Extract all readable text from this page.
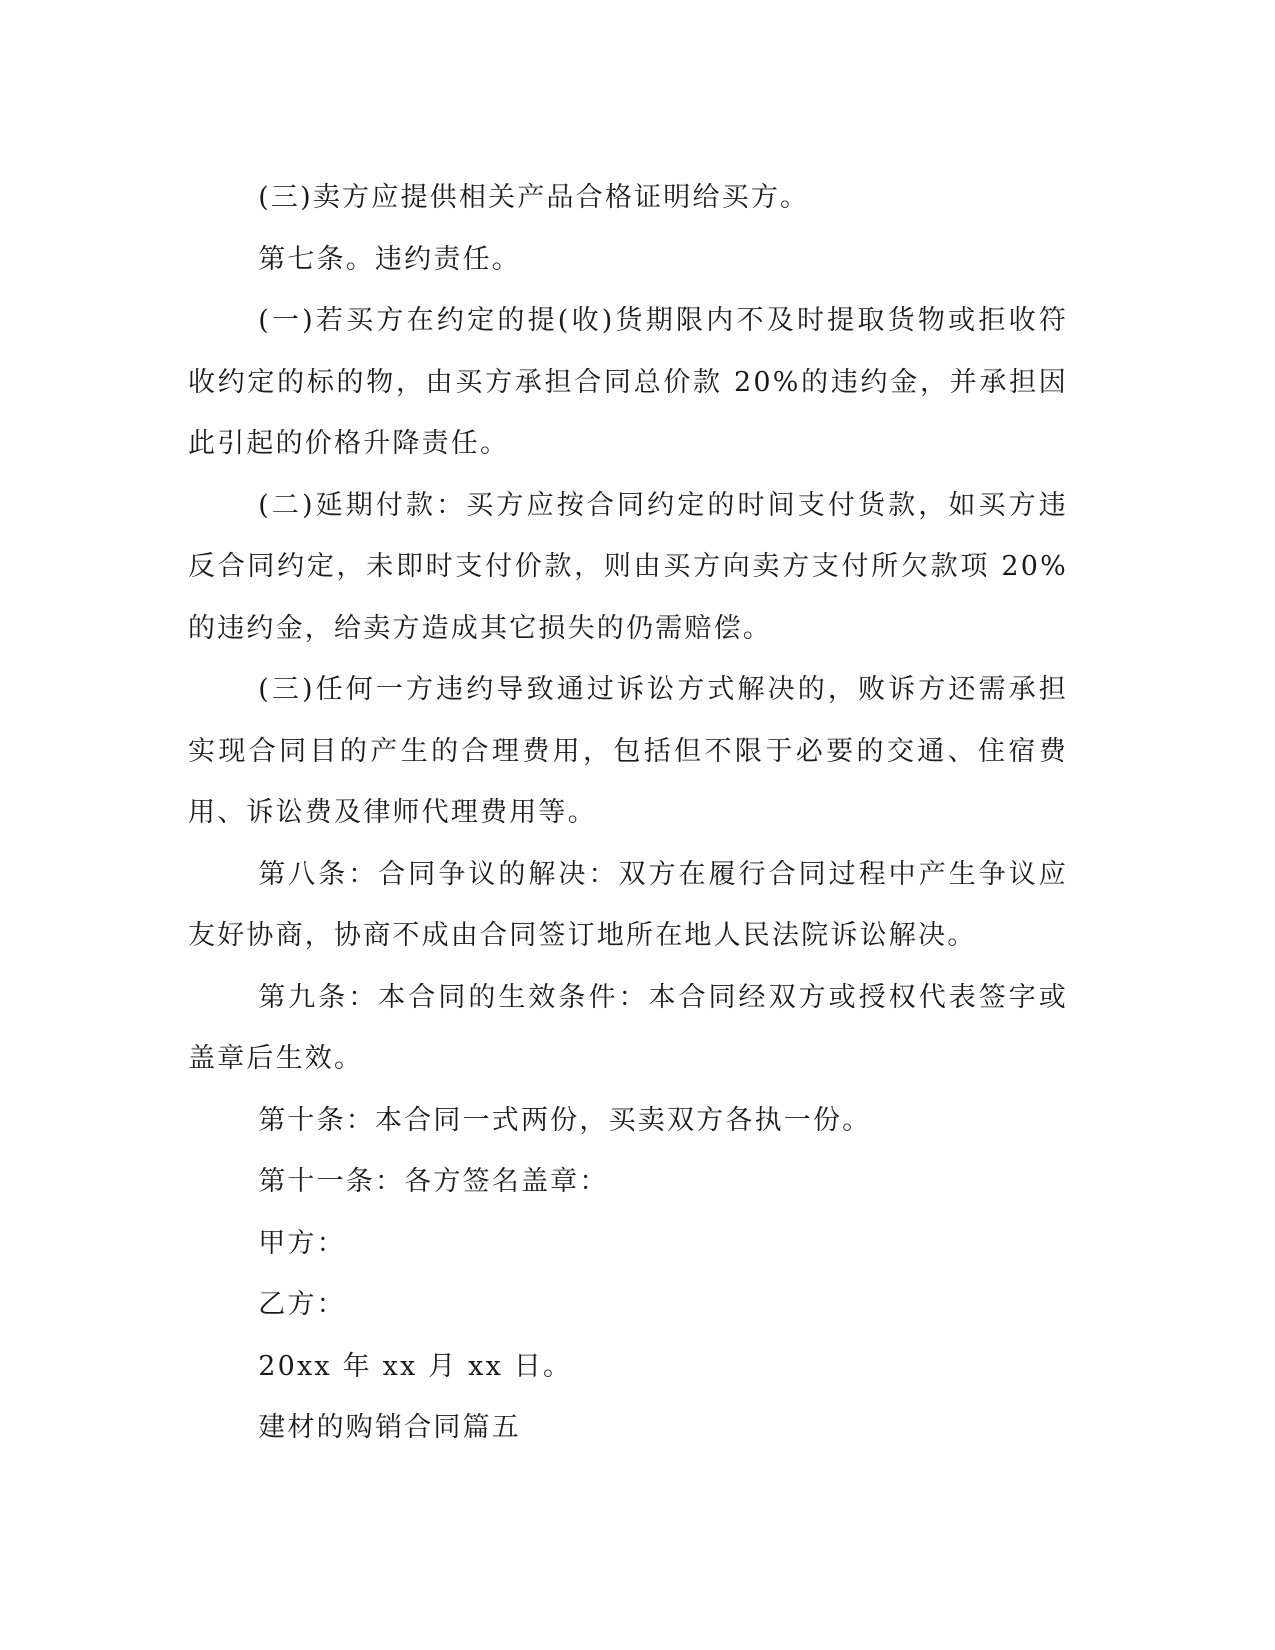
(三)卖方应提供相关产品合格证明给买方。

第七条。违约责任。

(一)若买方在约定的提(收)货期限内不及时提取货物或拒收符收约定的标的物，由买方承担合同总价款 20%的违约金，并承担因此引起的价格升降责任。

(二)延期付款：买方应按合同约定的时间支付货款，如买方违反合同约定，未即时支付价款，则由买方向卖方支付所欠款项 20%的违约金，给卖方造成其它损失的仍需赔偿。

(三)任何一方违约导致通过诉讼方式解决的，败诉方还需承担实现合同目的产生的合理费用，包括但不限于必要的交通、住宿费用、诉讼费及律师代理费用等。

第八条：合同争议的解决：双方在履行合同过程中产生争议应友好协商，协商不成由合同签订地所在地人民法院诉讼解决。

第九条：本合同的生效条件：本合同经双方或授权代表签字或盖章后生效。

第十条：本合同一式两份，买卖双方各执一份。

第十一条：各方签名盖章：

甲方：

乙方：

20xx 年 xx 月 xx 日。

建材的购销合同篇五
